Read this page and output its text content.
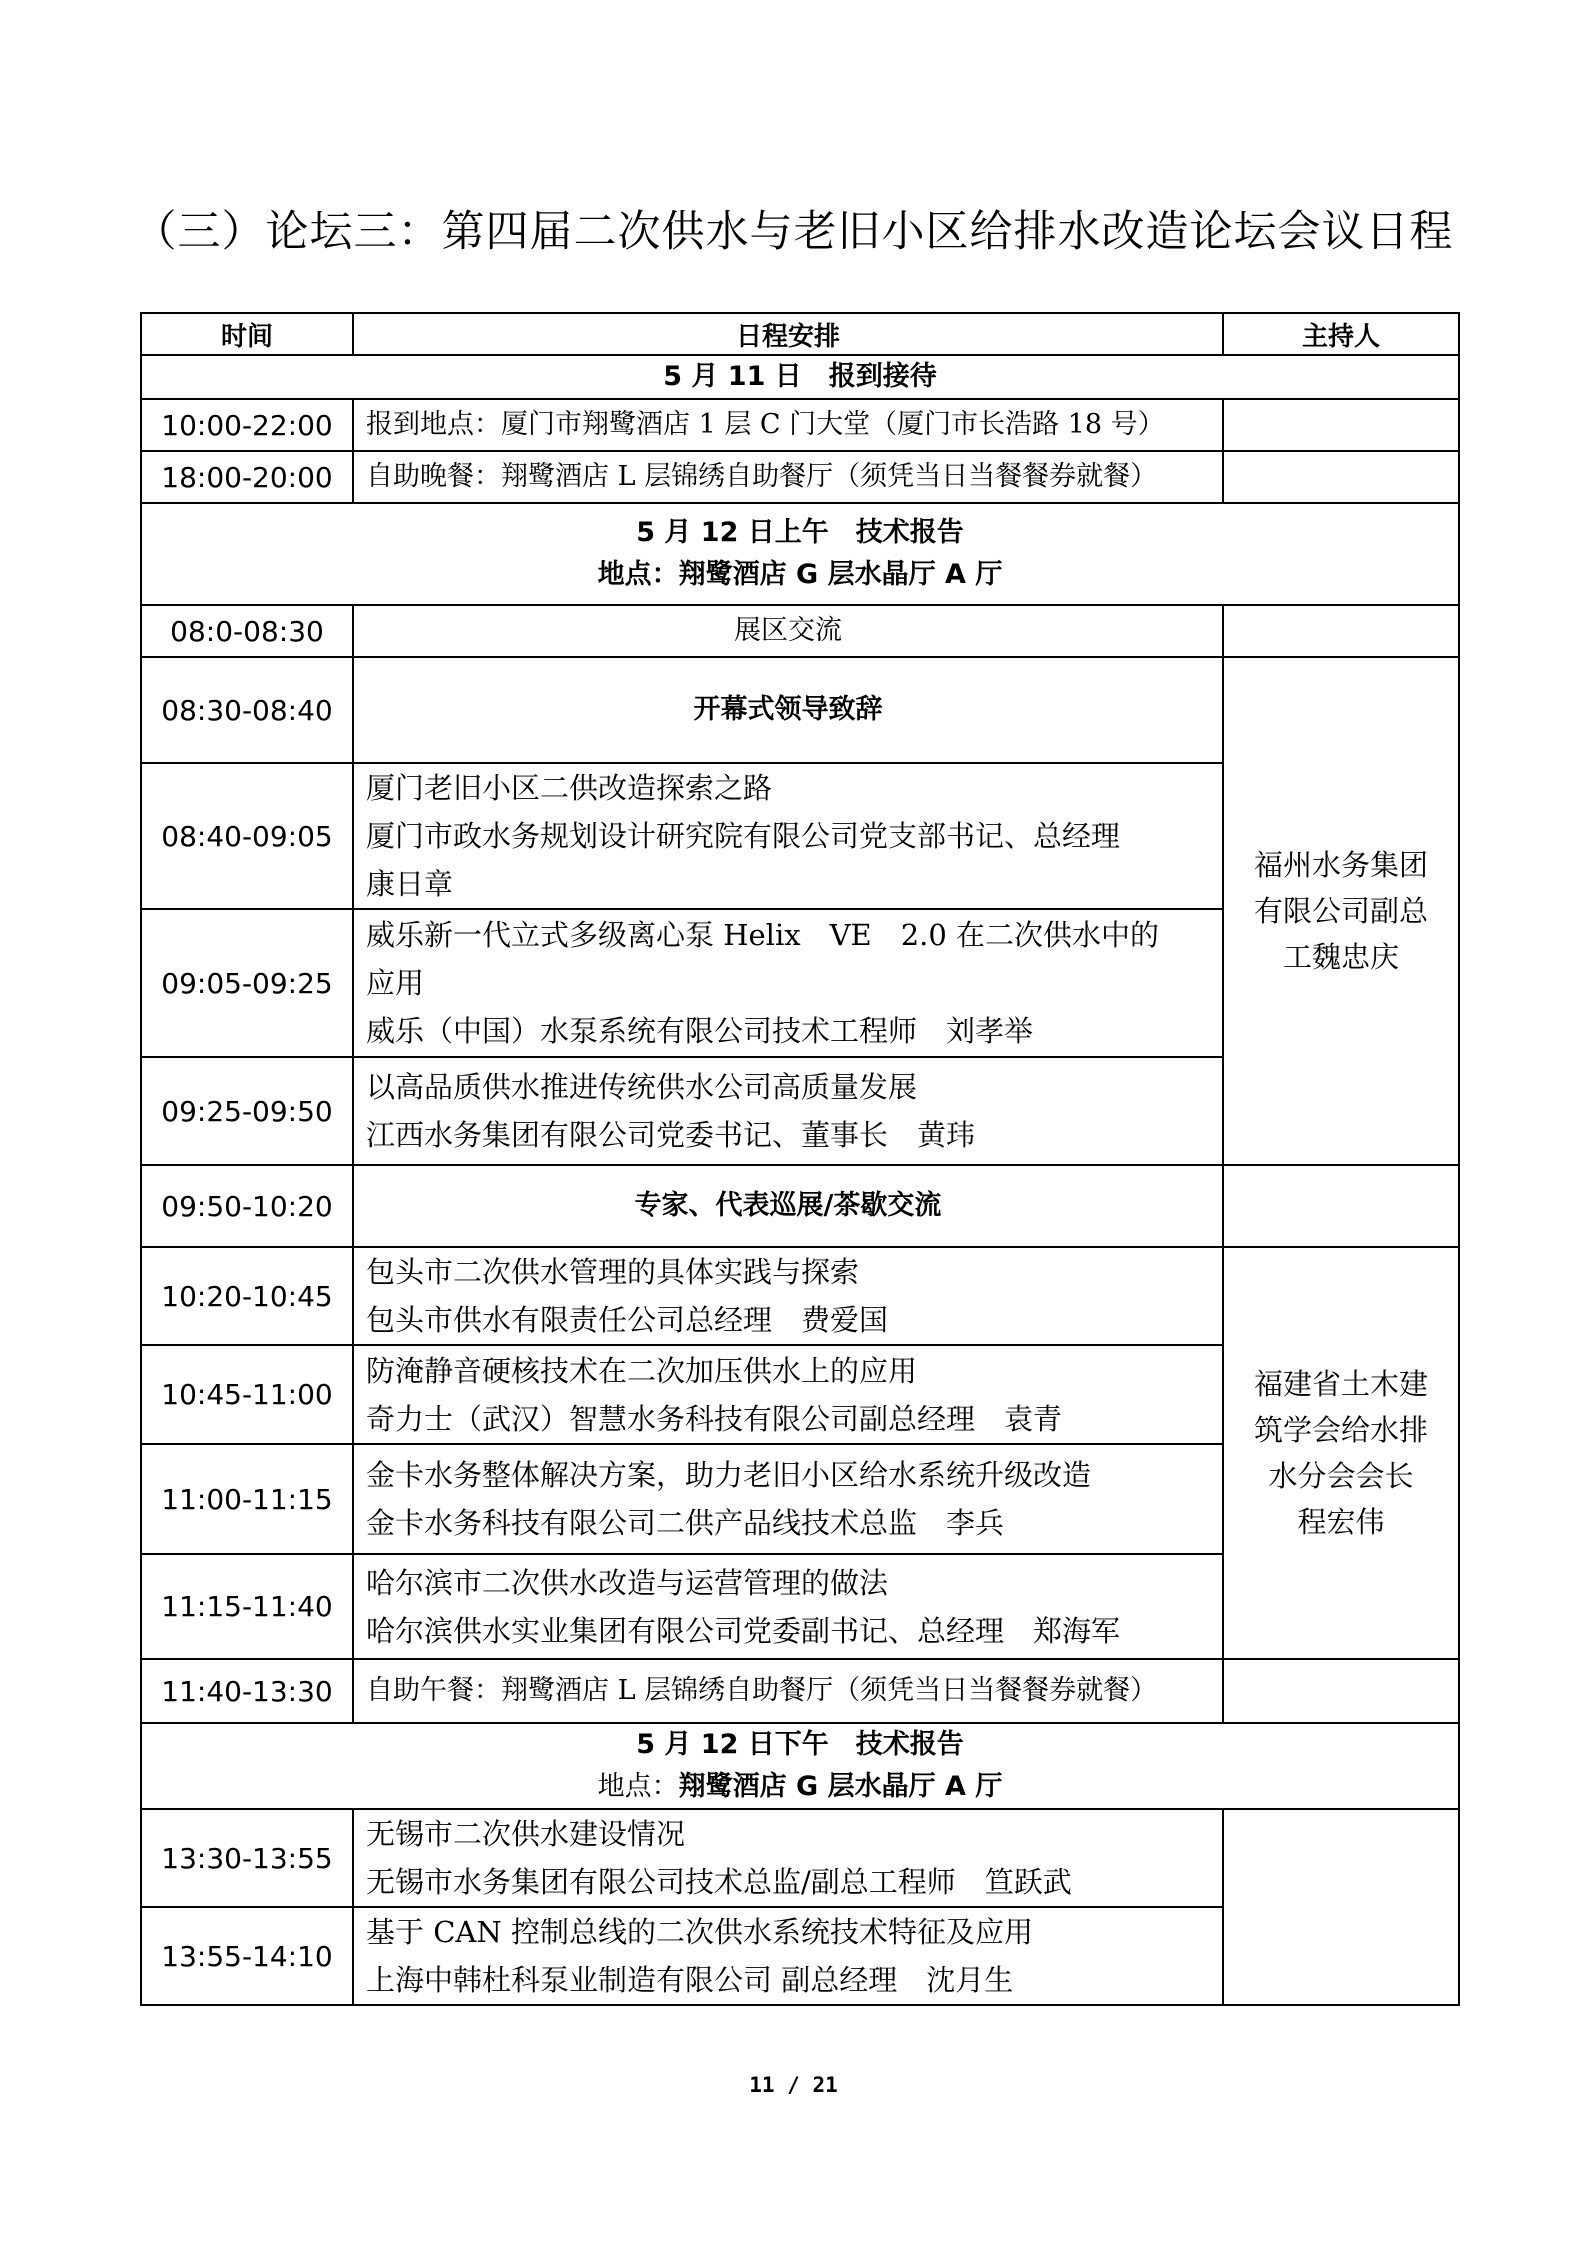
（三）论坛三：第四届二次供水与老旧小区给排水改造论坛会议日程
时间	日程安排	主持人
5 月 11 日　报到接待		
10:00-22:00	报到地点：厦门市翔鹭酒店 1 层 C 门大堂（厦门市长浩路 18 号）	

18:00-20:00	自助晚餐：翔鹭酒店 L 层锦绣自助餐厅（须凭当日当餐餐券就餐）	

5 月 12 日上午　技术报告
地点：翔鹭酒店 G 层水晶厅 A 厅		

08:0-08:30	展区交流	

08:30-08:40	开幕式领导致辞	福州水务集团
有限公司副总
工魏忠庆

08:40-09:05	厦门老旧小区二供改造探索之路
厦门市政水务规划设计研究院有限公司党支部书记、总经理
康日章	

09:05-09:25	威乐新一代立式多级离心泵 Helix　VE　2.0 在二次供水中的
应用
威乐（中国）水泵系统有限公司技术工程师　刘孝举	

09:25-09:50	以高品质供水推进传统供水公司高质量发展
江西水务集团有限公司党委书记、董事长　黄玮	

09:50-10:20	专家、代表巡展/茶歇交流	

10:20-10:45	包头市二次供水管理的具体实践与探索
包头市供水有限责任公司总经理　费爱国	福建省土木建
筑学会给水排
水分会会长
程宏伟

10:45-11:00	防淹静音硬核技术在二次加压供水上的应用
奇力士（武汉）智慧水务科技有限公司副总经理　袁青	

11:00-11:15	金卡水务整体解决方案，助力老旧小区给水系统升级改造
金卡水务科技有限公司二供产品线技术总监　李兵	

11:15-11:40	哈尔滨市二次供水改造与运营管理的做法
哈尔滨供水实业集团有限公司党委副书记、总经理　郑海军	

11:40-13:30	自助午餐：翔鹭酒店 L 层锦绣自助餐厅（须凭当日当餐餐券就餐）	

5 月 12 日下午　技术报告
地点：翔鹭酒店 G 层水晶厅 A 厅		

13:30-13:55	无锡市二次供水建设情况
无锡市水务集团有限公司技术总监/副总工程师　笪跃武	

13:55-14:10	基于 CAN 控制总线的二次供水系统技术特征及应用
上海中韩杜科泵业制造有限公司 副总经理　沈月生	
11 / 21
